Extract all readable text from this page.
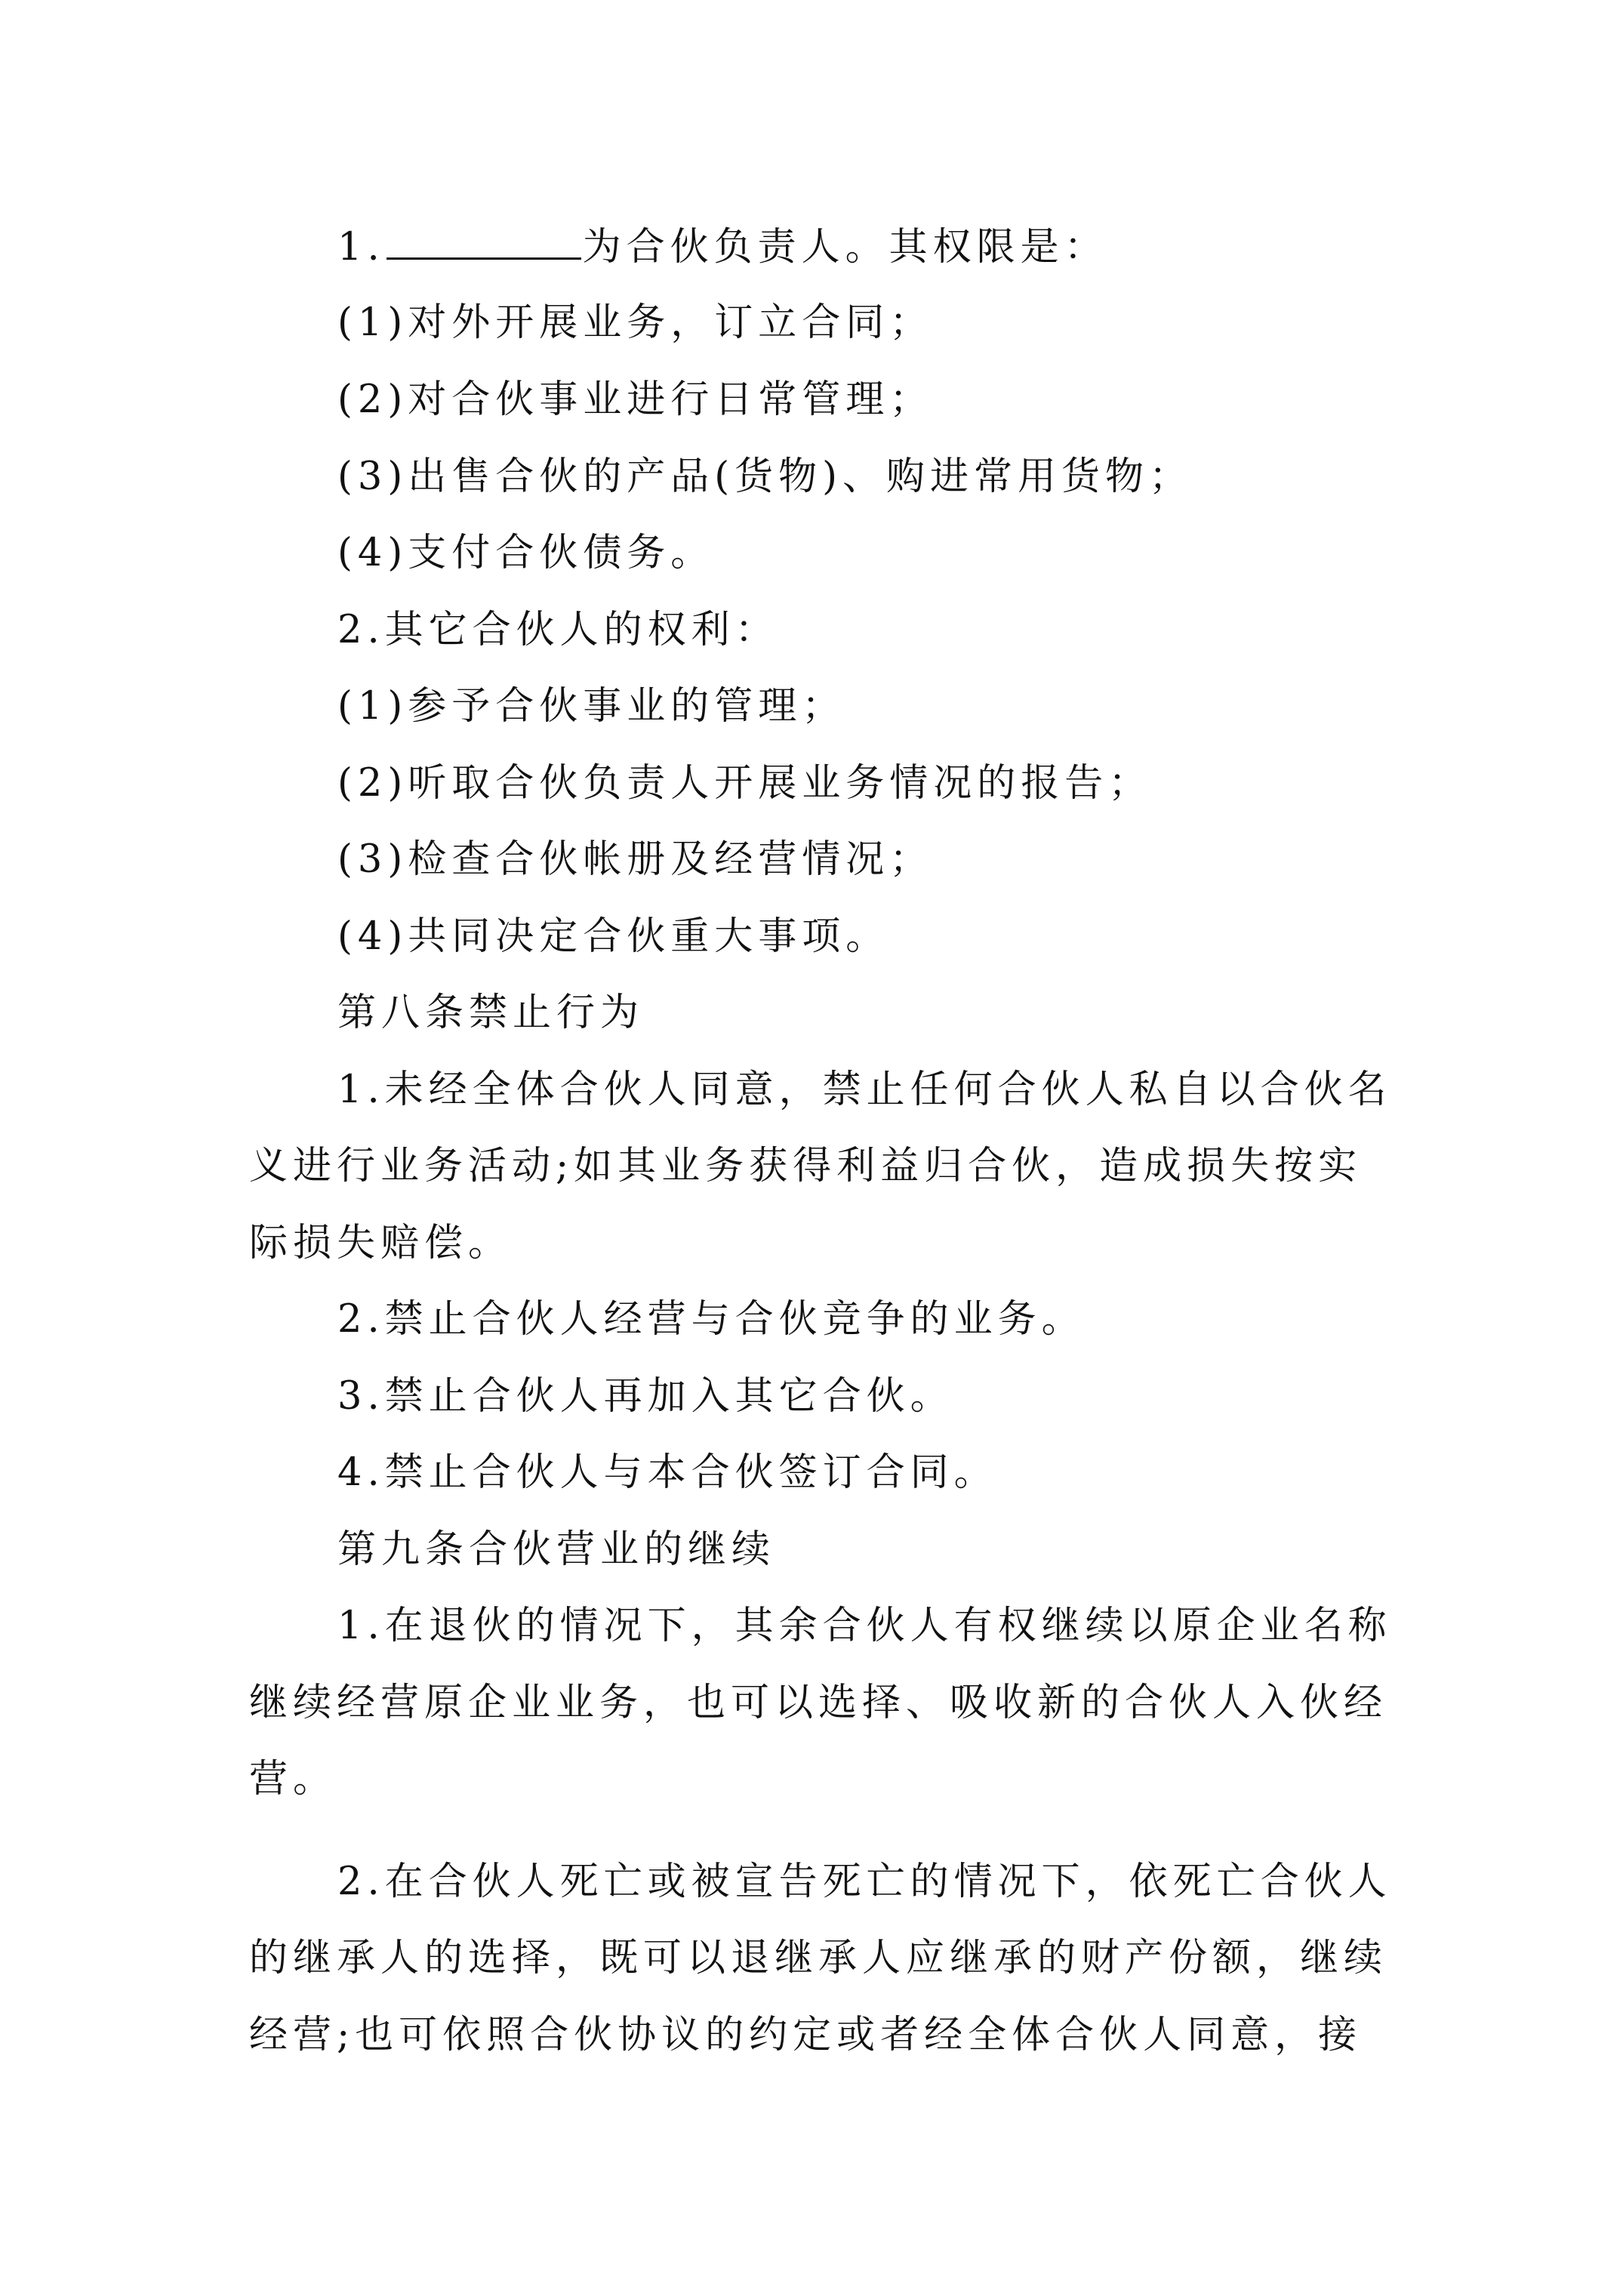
1.	为合伙负责人。其权限是：
(1)对外开展业务，订立合同；
(2)对合伙事业进行日常管理；
(3)出售合伙的产品(货物)、购进常用货物；
(4)支付合伙债务。
2.其它合伙人的权利：
(1)参予合伙事业的管理；
(2)听取合伙负责人开展业务情况的报告；
(3)检查合伙帐册及经营情况；
(4)共同决定合伙重大事项。
第八条禁止行为
1.未经全体合伙人同意，禁止任何合伙人私自以合伙名
义进行业务活动;如其业务获得利益归合伙，造成损失按实
际损失赔偿。
2.禁止合伙人经营与合伙竞争的业务。
3.禁止合伙人再加入其它合伙。
4.禁止合伙人与本合伙签订合同。
第九条合伙营业的继续
1.在退伙的情况下，其余合伙人有权继续以原企业名称
继续经营原企业业务，也可以选择、吸收新的合伙人入伙经
营。
2.在合伙人死亡或被宣告死亡的情况下，依死亡合伙人
的继承人的选择，既可以退继承人应继承的财产份额，继续
经营;也可依照合伙协议的约定或者经全体合伙人同意，接
